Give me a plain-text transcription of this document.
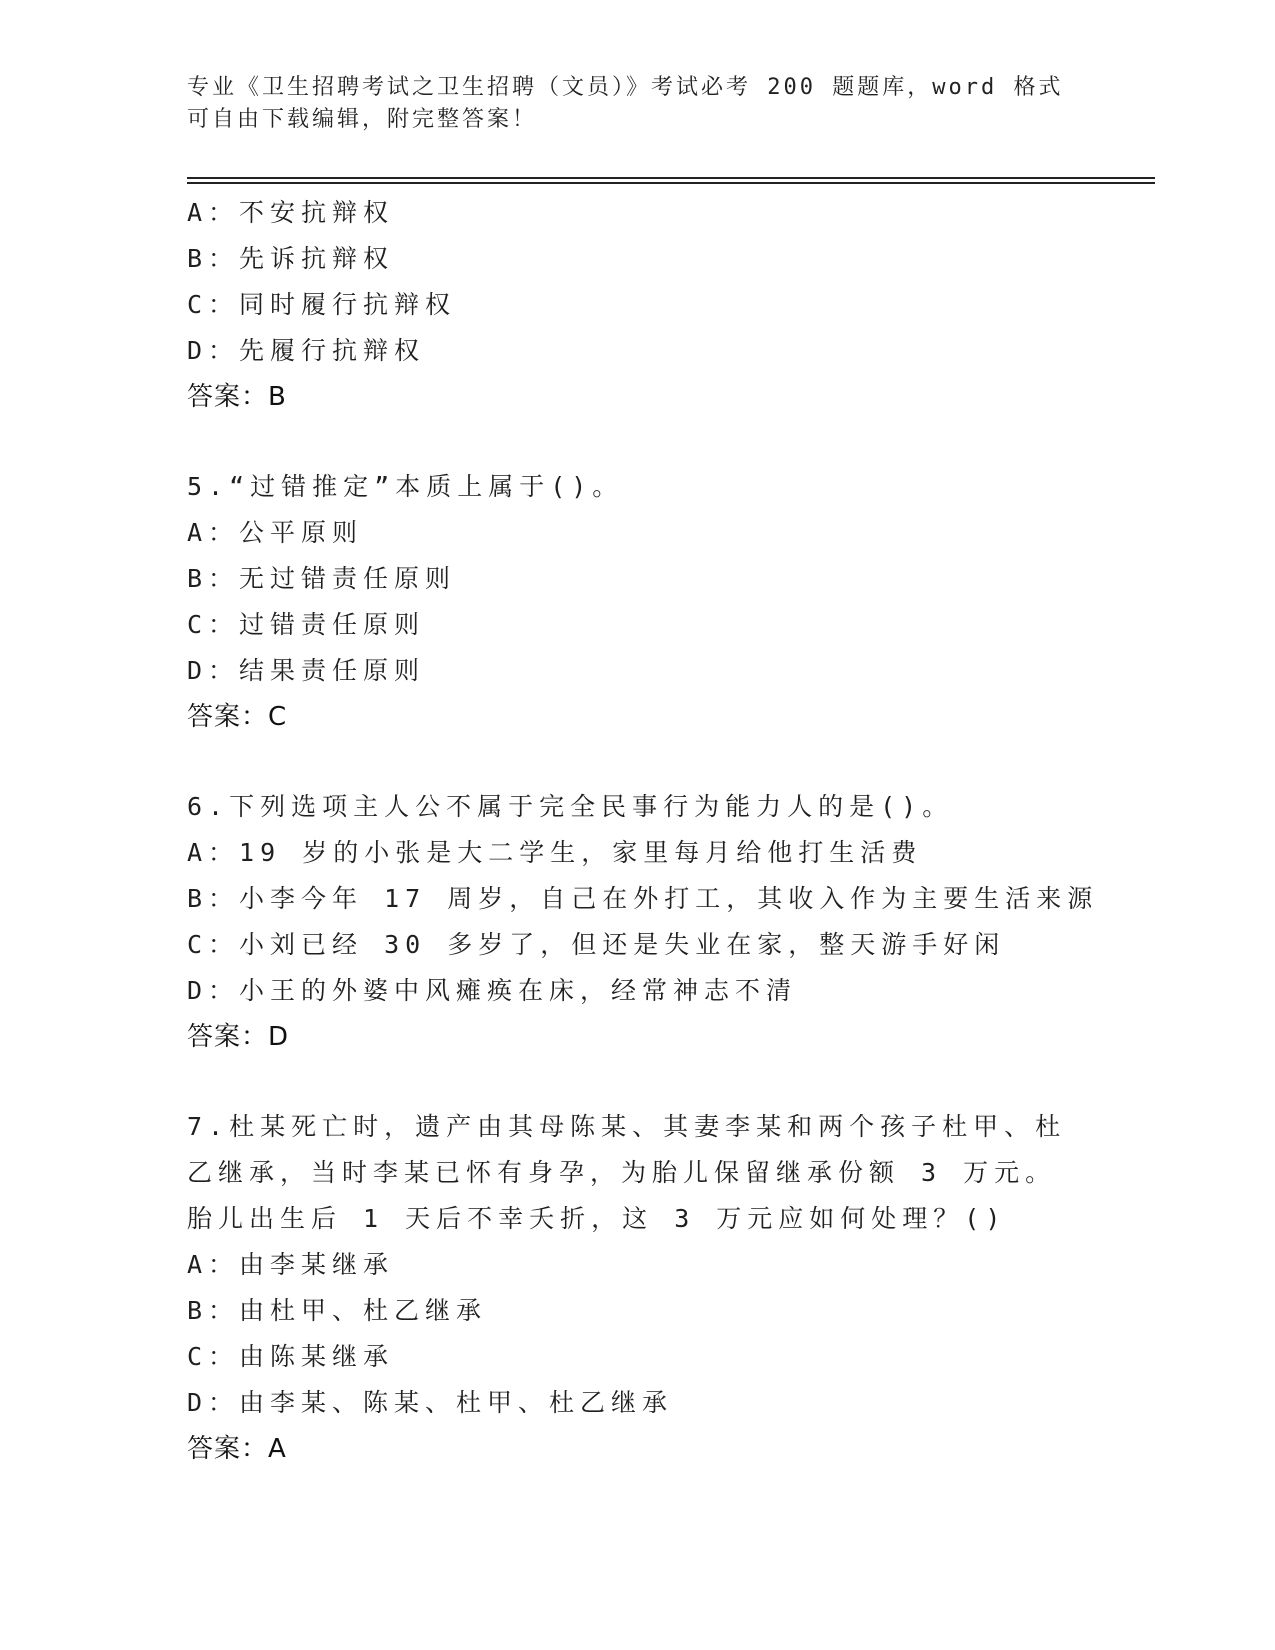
专业《卫生招聘考试之卫生招聘（文员）》考试必考 200 题题库，word 格式可自由下载编辑，附完整答案！
A：不安抗辩权
B：先诉抗辩权
C：同时履行抗辩权
D：先履行抗辩权
答案：B
5.“过错推定”本质上属于()。
A：公平原则
B：无过错责任原则
C：过错责任原则
D：结果责任原则
答案：C
6.下列选项主人公不属于完全民事行为能力人的是()。
A：19 岁的小张是大二学生，家里每月给他打生活费
B：小李今年 17 周岁，自己在外打工，其收入作为主要生活来源
C：小刘已经 30 多岁了，但还是失业在家，整天游手好闲
D：小王的外婆中风瘫痪在床，经常神志不清
答案：D
7.杜某死亡时，遗产由其母陈某、其妻李某和两个孩子杜甲、杜乙继承，当时李某已怀有身孕，为胎儿保留继承份额 3 万元。胎儿出生后 1 天后不幸夭折，这 3 万元应如何处理？()
A：由李某继承
B：由杜甲、杜乙继承
C：由陈某继承
D：由李某、陈某、杜甲、杜乙继承
答案：A
